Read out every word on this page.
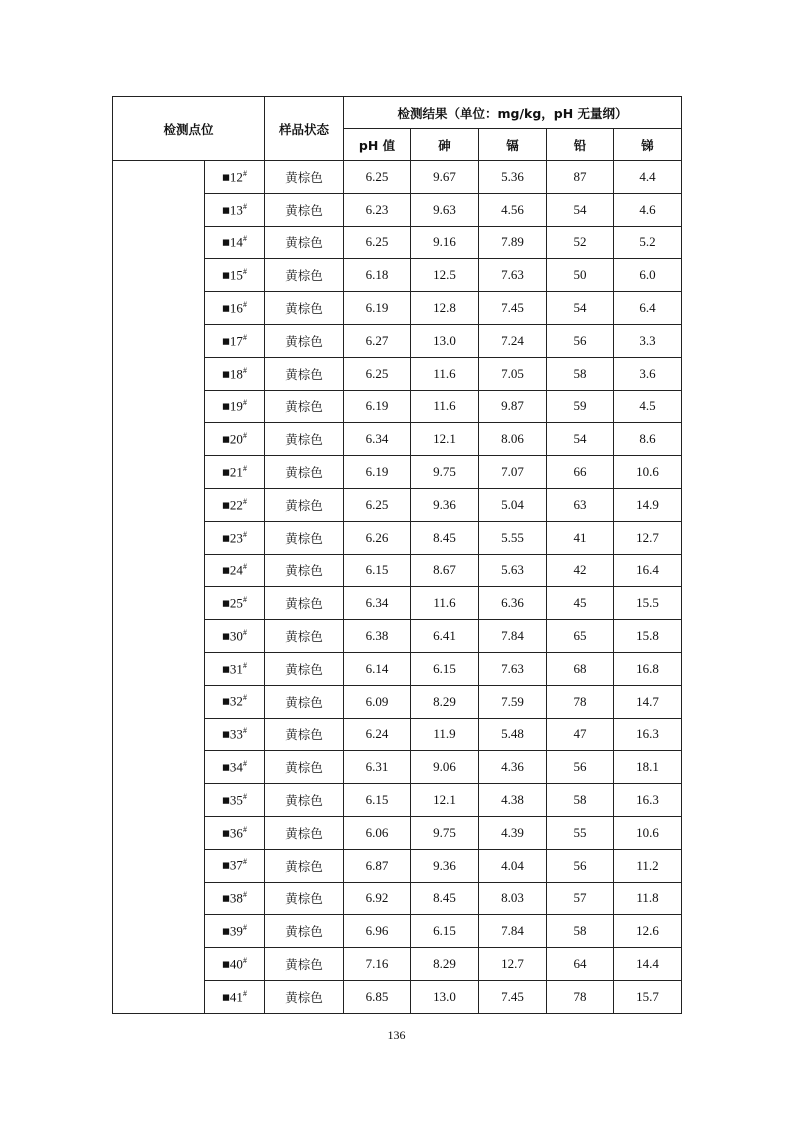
检测点位		样品状态	检测结果（单位：mg/kg，pH 无量纲）				
			pH 值	砷	镉	铅	锑
	■12#	黄棕色	6.25	9.67	5.36	87	4.4
	■13#	黄棕色	6.23	9.63	4.56	54	4.6
	■14#	黄棕色	6.25	9.16	7.89	52	5.2
	■15#	黄棕色	6.18	12.5	7.63	50	6.0
	■16#	黄棕色	6.19	12.8	7.45	54	6.4
	■17#	黄棕色	6.27	13.0	7.24	56	3.3
	■18#	黄棕色	6.25	11.6	7.05	58	3.6
	■19#	黄棕色	6.19	11.6	9.87	59	4.5
	■20#	黄棕色	6.34	12.1	8.06	54	8.6
	■21#	黄棕色	6.19	9.75	7.07	66	10.6
	■22#	黄棕色	6.25	9.36	5.04	63	14.9
	■23#	黄棕色	6.26	8.45	5.55	41	12.7
	■24#	黄棕色	6.15	8.67	5.63	42	16.4
	■25#	黄棕色	6.34	11.6	6.36	45	15.5
	■30#	黄棕色	6.38	6.41	7.84	65	15.8
	■31#	黄棕色	6.14	6.15	7.63	68	16.8
	■32#	黄棕色	6.09	8.29	7.59	78	14.7
	■33#	黄棕色	6.24	11.9	5.48	47	16.3
	■34#	黄棕色	6.31	9.06	4.36	56	18.1
	■35#	黄棕色	6.15	12.1	4.38	58	16.3
	■36#	黄棕色	6.06	9.75	4.39	55	10.6
	■37#	黄棕色	6.87	9.36	4.04	56	11.2
	■38#	黄棕色	6.92	8.45	8.03	57	11.8
	■39#	黄棕色	6.96	6.15	7.84	58	12.6
	■40#	黄棕色	7.16	8.29	12.7	64	14.4
	■41#	黄棕色	6.85	13.0	7.45	78	15.7
136
